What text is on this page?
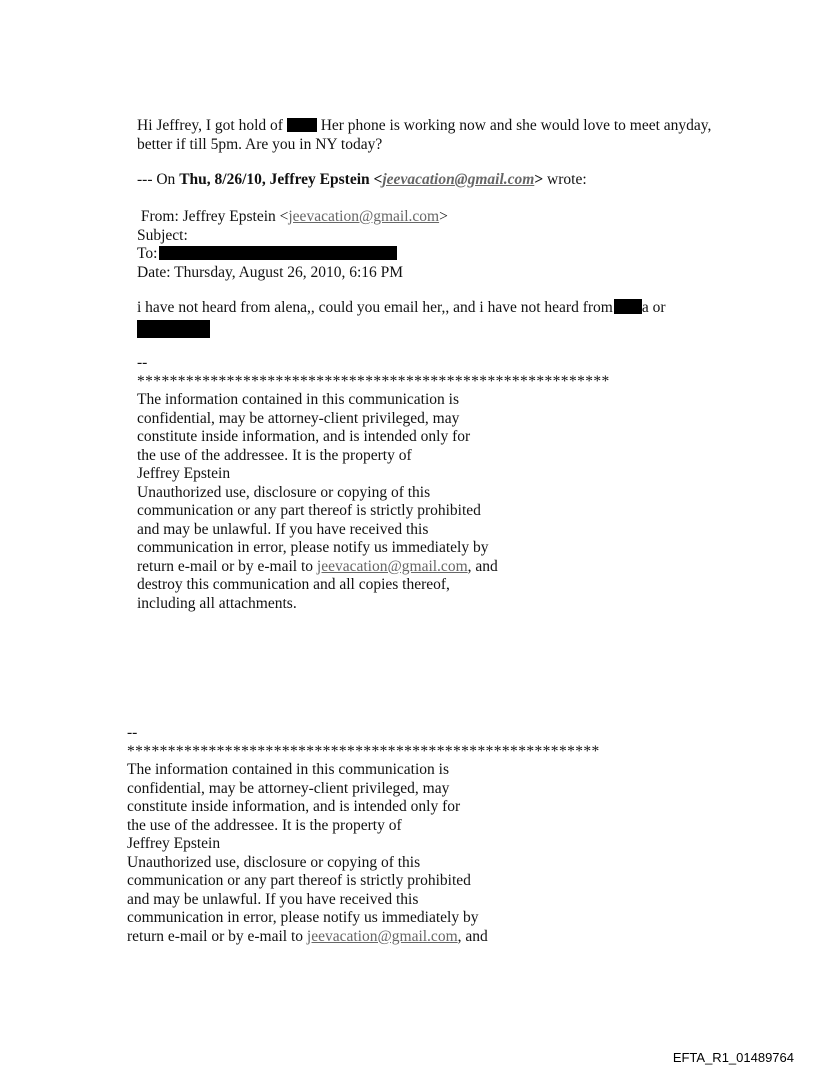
Hi Jeffrey, I got hold of  Her phone is working now and she would love to meet anyday,
better if till 5pm. Are you in NY today?
--- On Thu, 8/26/10, Jeffrey Epstein <jeevacation@gmail.com> wrote:
From: Jeffrey Epstein <jeevacation@gmail.com>
Subject:
To:
Date: Thursday, August 26, 2010, 6:16 PM
i have not heard from alena,, could you email her,, and i have not heard from a or
--
**********************************************************
The information contained in this communication is
confidential, may be attorney-client privileged, may
constitute inside information, and is intended only for
the use of the addressee. It is the property of
Jeffrey Epstein
Unauthorized use, disclosure or copying of this
communication or any part thereof is strictly prohibited
and may be unlawful. If you have received this
communication in error, please notify us immediately by
return e-mail or by e-mail to jeevacation@gmail.com, and
destroy this communication and all copies thereof,
including all attachments.
--
**********************************************************
The information contained in this communication is
confidential, may be attorney-client privileged, may
constitute inside information, and is intended only for
the use of the addressee. It is the property of
Jeffrey Epstein
Unauthorized use, disclosure or copying of this
communication or any part thereof is strictly prohibited
and may be unlawful. If you have received this
communication in error, please notify us immediately by
return e-mail or by e-mail to jeevacation@gmail.com, and
EFTA_R1_01489764
